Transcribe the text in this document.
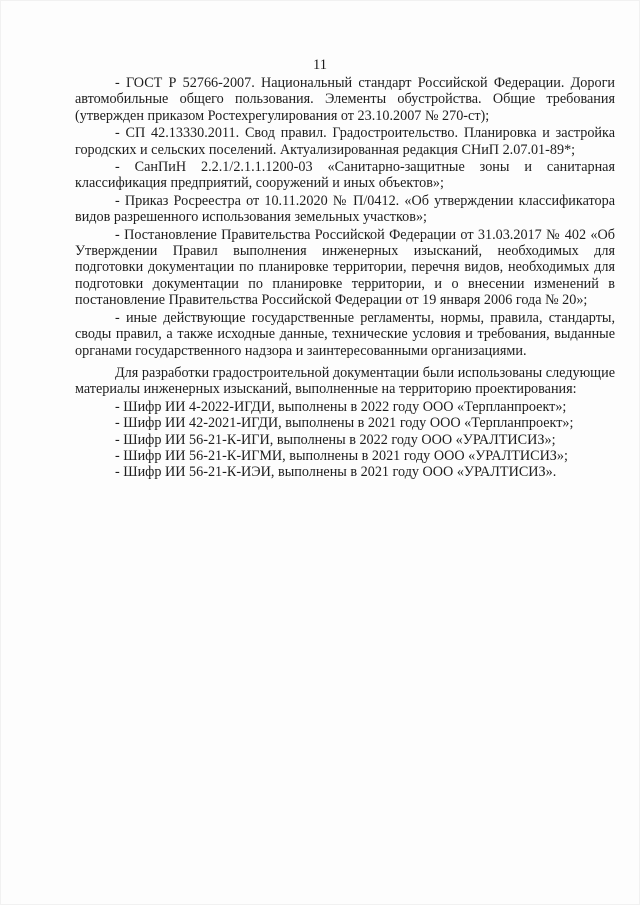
11

- ГОСТ Р 52766-2007. Национальный стандарт Российской Федерации. Дороги автомобильные общего пользования. Элементы обустройства. Общие требования (утвержден приказом Ростехрегулирования от 23.10.2007 № 270-ст);

- СП 42.13330.2011. Свод правил. Градостроительство. Планировка и застройка городских и сельских поселений. Актуализированная редакция СНиП 2.07.01-89*;

- СанПиН 2.2.1/2.1.1.1200-03 «Санитарно-защитные зоны и санитарная классификация предприятий, сооружений и иных объектов»;

- Приказ Росреестра от 10.11.2020 № П/0412. «Об утверждении классификатора видов разрешенного использования земельных участков»;

- Постановление Правительства Российской Федерации от 31.03.2017 № 402 «Об Утверждении Правил выполнения инженерных изысканий, необходимых для подготовки документации по планировке территории, перечня видов, необходимых для подготовки документации по планировке территории, и о внесении изменений в постановление Правительства Российской Федерации от 19 января 2006 года № 20»;

- иные действующие государственные регламенты, нормы, правила, стандарты, своды правил, а также исходные данные, технические условия и требования, выданные органами государственного надзора и заинтересованными организациями.

Для разработки градостроительной документации были использованы следующие материалы инженерных изысканий, выполненные на территорию проектирования:

- Шифр ИИ 4-2022-ИГДИ, выполнены в 2022 году ООО «Терпланпроект»;

- Шифр ИИ 42-2021-ИГДИ, выполнены в 2021 году ООО «Терпланпроект»;

- Шифр ИИ 56-21-К-ИГИ, выполнены в 2022 году ООО «УРАЛТИСИЗ»;

- Шифр ИИ 56-21-К-ИГМИ, выполнены в 2021 году ООО «УРАЛТИСИЗ»;

- Шифр ИИ 56-21-К-ИЭИ, выполнены в 2021 году ООО «УРАЛТИСИЗ».
